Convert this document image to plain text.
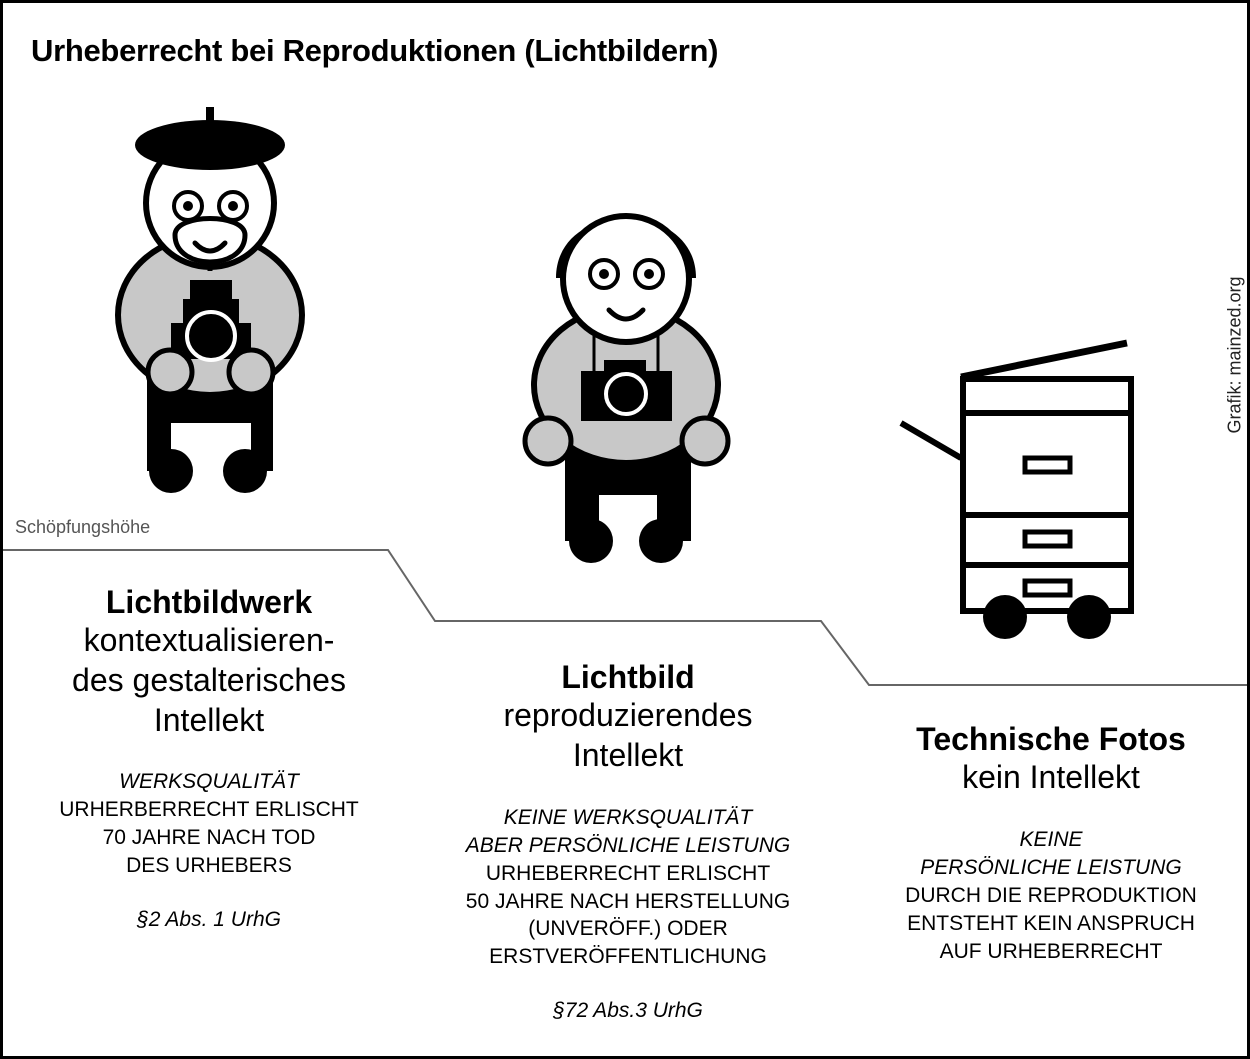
Urheberrecht bei Reproduktionen (Lichtbildern)
Grafik: mainzed.org
Schöpfungshöhe
Lichtbildwerk
kontextualisieren-
des gestalterisches
Intellekt
WERKSQUALITÄT
URHERBERRECHT ERLISCHT
70 JAHRE NACH TOD
DES URHEBERS
§2 Abs. 1 UrhG
Lichtbild
reproduzierendes
Intellekt
KEINE WERKSQUALITÄT
ABER PERSÖNLICHE LEISTUNG
URHEBERRECHT ERLISCHT
50 JAHRE NACH HERSTELLUNG
(UNVERÖFF.) ODER
ERSTVERÖFFENTLICHUNG
§72 Abs.3 UrhG
Technische Fotos
kein Intellekt
KEINE
PERSÖNLICHE LEISTUNG
DURCH DIE REPRODUKTION
ENTSTEHT KEIN ANSPRUCH
AUF URHEBERRECHT
